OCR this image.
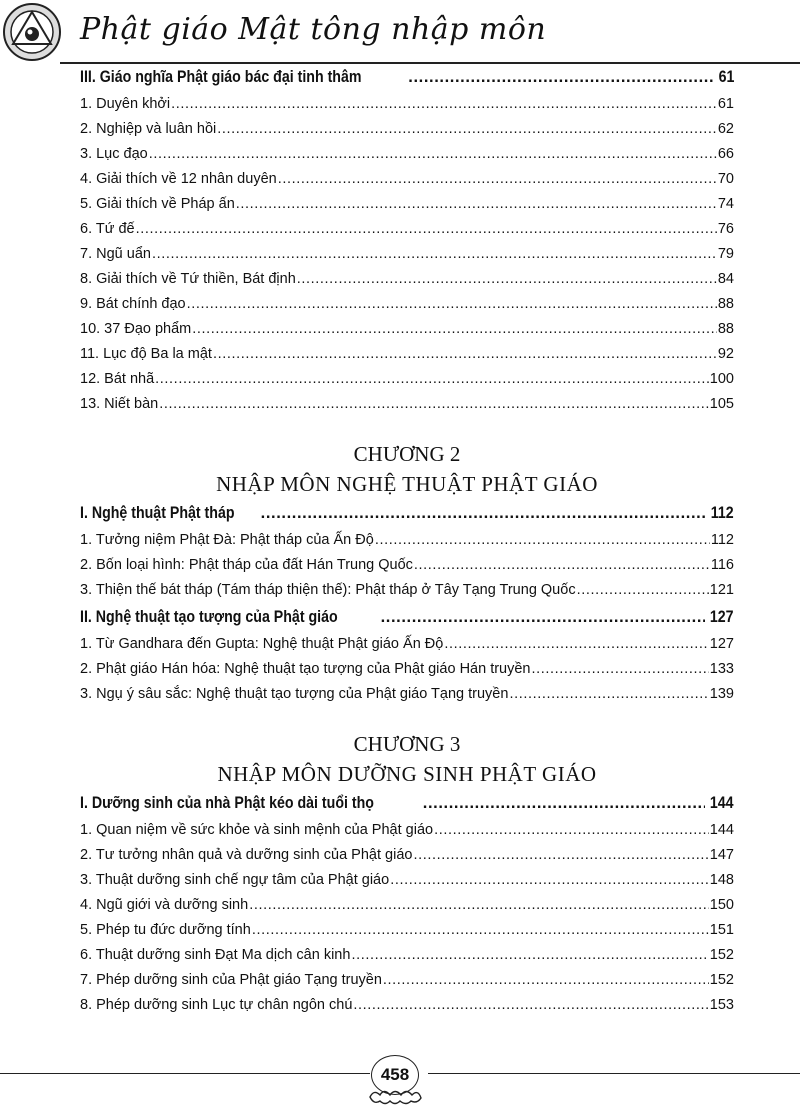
Phật giáo Mật tông nhập môn
III. Giáo nghĩa Phật giáo bác đại tinh thâm .....	61
1. Duyên khởi .....	61
2. Nghiệp và luân hồi .....	62
3. Lục đạo .....	66
4. Giải thích về 12 nhân duyên .....	70
5. Giải thích về Pháp ấn .....	74
6. Tứ đế .....	76
7. Ngũ uẩn .....	79
8. Giải thích về Tứ thiền, Bát định .....	84
9. Bát chính đạo .....	88
10. 37 Đạo phẩm .....	88
11. Lục độ Ba la mật .....	92
12. Bát nhã .....	100
13. Niết bàn .....	105
CHƯƠNG 2
NHẬP MÔN NGHỆ THUẬT PHẬT GIÁO
I. Nghệ thuật Phật tháp .....	112
1. Tưởng niệm Phật Đà: Phật tháp của Ấn Độ .....	112
2. Bốn loại hình: Phật tháp của đất Hán Trung Quốc .....	116
3. Thiện thế bát tháp (Tám tháp thiện thế): Phật tháp ở Tây Tạng Trung Quốc .....	121
II. Nghệ thuật tạo tượng của Phật giáo .....	127
1. Từ Gandhara đến Gupta: Nghệ thuật Phật giáo Ấn Độ .....	127
2. Phật giáo Hán hóa: Nghệ thuật tạo tượng của Phật giáo Hán truyền .....	133
3. Ngụ ý sâu sắc: Nghệ thuật tạo tượng của Phật giáo Tạng truyền .....	139
CHƯƠNG 3
NHẬP MÔN DƯỠNG SINH PHẬT GIÁO
I. Dưỡng sinh của nhà Phật kéo dài tuổi thọ .....	144
1. Quan niệm về sức khỏe và sinh mệnh của Phật giáo .....	144
2. Tư tưởng nhân quả và dưỡng sinh của Phật giáo .....	147
3. Thuật dưỡng sinh chế ngự tâm của Phật giáo .....	148
4. Ngũ giới và dưỡng sinh .....	150
5. Phép tu đức dưỡng tính .....	151
6. Thuật dưỡng sinh Đạt Ma dịch cân kinh .....	152
7. Phép dưỡng sinh của Phật giáo Tạng truyền .....	152
8. Phép dưỡng sinh Lục tự chân ngôn chú .....	153
458
